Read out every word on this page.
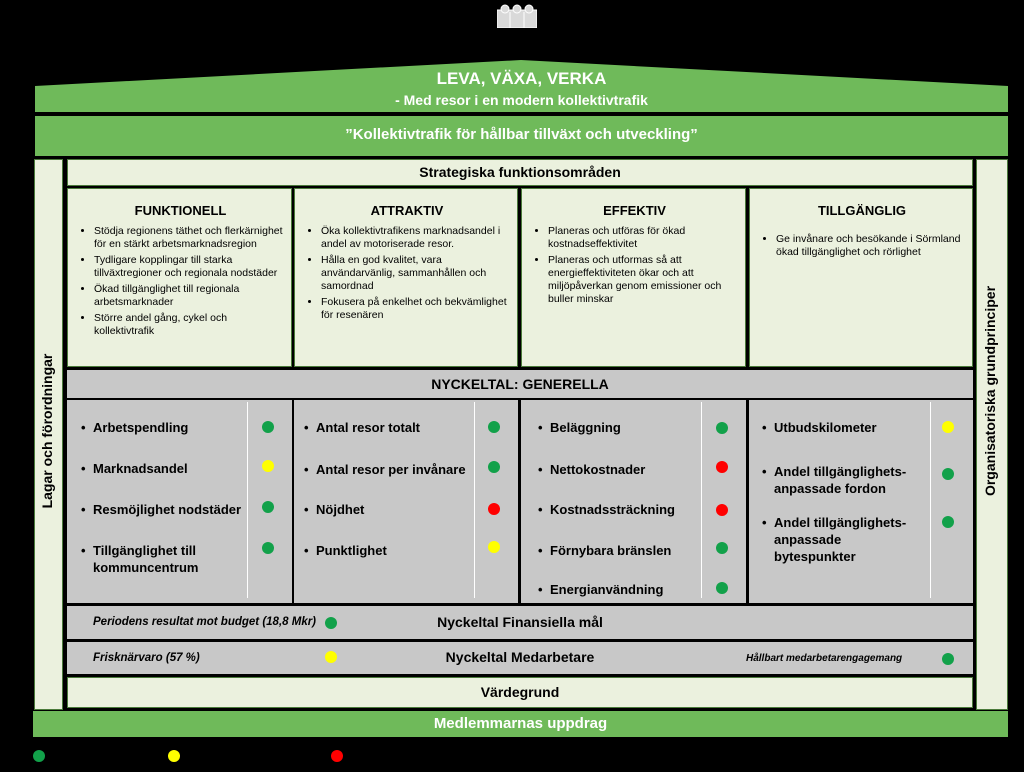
LEVA, VÄXA, VERKA
- Med resor i en modern kollektivtrafik
”Kollektivtrafik för hållbar tillväxt och utveckling”
Lagar och förordningar	Organisatoriska grundprinciper
Strategiska funktionsområden
FUNKTIONELL
• Stödja regionens täthet och flerkärnighet för en stärkt arbetsmarknadsregion
• Tydligare kopplingar till starka tillväxtregioner och regionala nodstäder
• Ökad tillgänglighet till regionala arbetsmarknader
• Större andel gång, cykel och kollektivtrafik
ATTRAKTIV
• Öka kollektivtrafikens marknadsandel i andel av motoriserade resor.
• Hålla en god kvalitet, vara användarvänlig, sammanhållen och samordnad
• Fokusera på enkelhet och bekvämlighet för resenären
EFFEKTIV
• Planeras och utföras för ökad kostnadseffektivitet
• Planeras och utformas så att energieffektiviteten ökar och att miljöpåverkan genom emissioner och buller minskar
TILLGÄNGLIG
• Ge invånare och besökande i Sörmland ökad tillgänglighet och rörlighet
NYCKELTAL: GENERELLA
• Arbetspendling
• Marknadsandel
• Resmöjlighet nodstäder
• Tillgänglighet till kommuncentrum
• Antal resor totalt
• Antal resor per invånare
• Nöjdhet
• Punktlighet
• Beläggning
• Nettokostnader
• Kostnadssträckning
• Förnybara bränslen
• Energianvändning
• Utbudskilometer
• Andel tillgänglighets-anpassade fordon
• Andel tillgänglighets-anpassade bytespunkter
Periodens resultat mot budget (18,8 Mkr)	Nyckeltal Finansiella mål
Frisknärvaro (57 %)	Nyckeltal Medarbetare	Hållbart medarbetarengagemang
Värdegrund
Medlemmarnas uppdrag
